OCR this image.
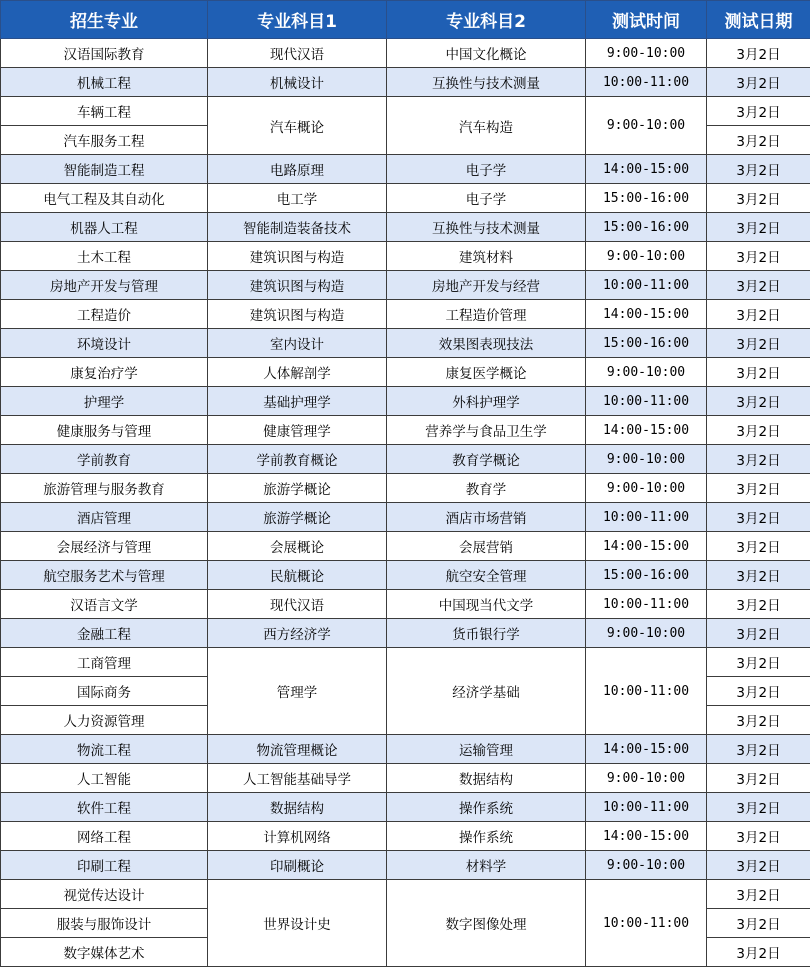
招生专业	专业科目1	专业科目2	测试时间	测试日期
汉语国际教育	现代汉语	中国文化概论	9:00-10:00	3月2日
机械工程	机械设计	互换性与技术测量	10:00-11:00	3月2日
车辆工程	汽车概论	汽车构造	9:00-10:00	3月2日
汽车服务工程				3月2日
智能制造工程	电路原理	电子学	14:00-15:00	3月2日
电气工程及其自动化	电工学	电子学	15:00-16:00	3月2日
机器人工程	智能制造装备技术	互换性与技术测量	15:00-16:00	3月2日
土木工程	建筑识图与构造	建筑材料	9:00-10:00	3月2日
房地产开发与管理	建筑识图与构造	房地产开发与经营	10:00-11:00	3月2日
工程造价	建筑识图与构造	工程造价管理	14:00-15:00	3月2日
环境设计	室内设计	效果图表现技法	15:00-16:00	3月2日
康复治疗学	人体解剖学	康复医学概论	9:00-10:00	3月2日
护理学	基础护理学	外科护理学	10:00-11:00	3月2日
健康服务与管理	健康管理学	营养学与食品卫生学	14:00-15:00	3月2日
学前教育	学前教育概论	教育学概论	9:00-10:00	3月2日
旅游管理与服务教育	旅游学概论	教育学	9:00-10:00	3月2日
酒店管理	旅游学概论	酒店市场营销	10:00-11:00	3月2日
会展经济与管理	会展概论	会展营销	14:00-15:00	3月2日
航空服务艺术与管理	民航概论	航空安全管理	15:00-16:00	3月2日
汉语言文学	现代汉语	中国现当代文学	10:00-11:00	3月2日
金融工程	西方经济学	货币银行学	9:00-10:00	3月2日
工商管理	管理学	经济学基础	10:00-11:00	3月2日
国际商务				3月2日
人力资源管理				3月2日
物流工程	物流管理概论	运输管理	14:00-15:00	3月2日
人工智能	人工智能基础导学	数据结构	9:00-10:00	3月2日
软件工程	数据结构	操作系统	10:00-11:00	3月2日
网络工程	计算机网络	操作系统	14:00-15:00	3月2日
印刷工程	印刷概论	材料学	9:00-10:00	3月2日
视觉传达设计	世界设计史	数字图像处理	10:00-11:00	3月2日
服装与服饰设计				3月2日
数字媒体艺术				3月2日
